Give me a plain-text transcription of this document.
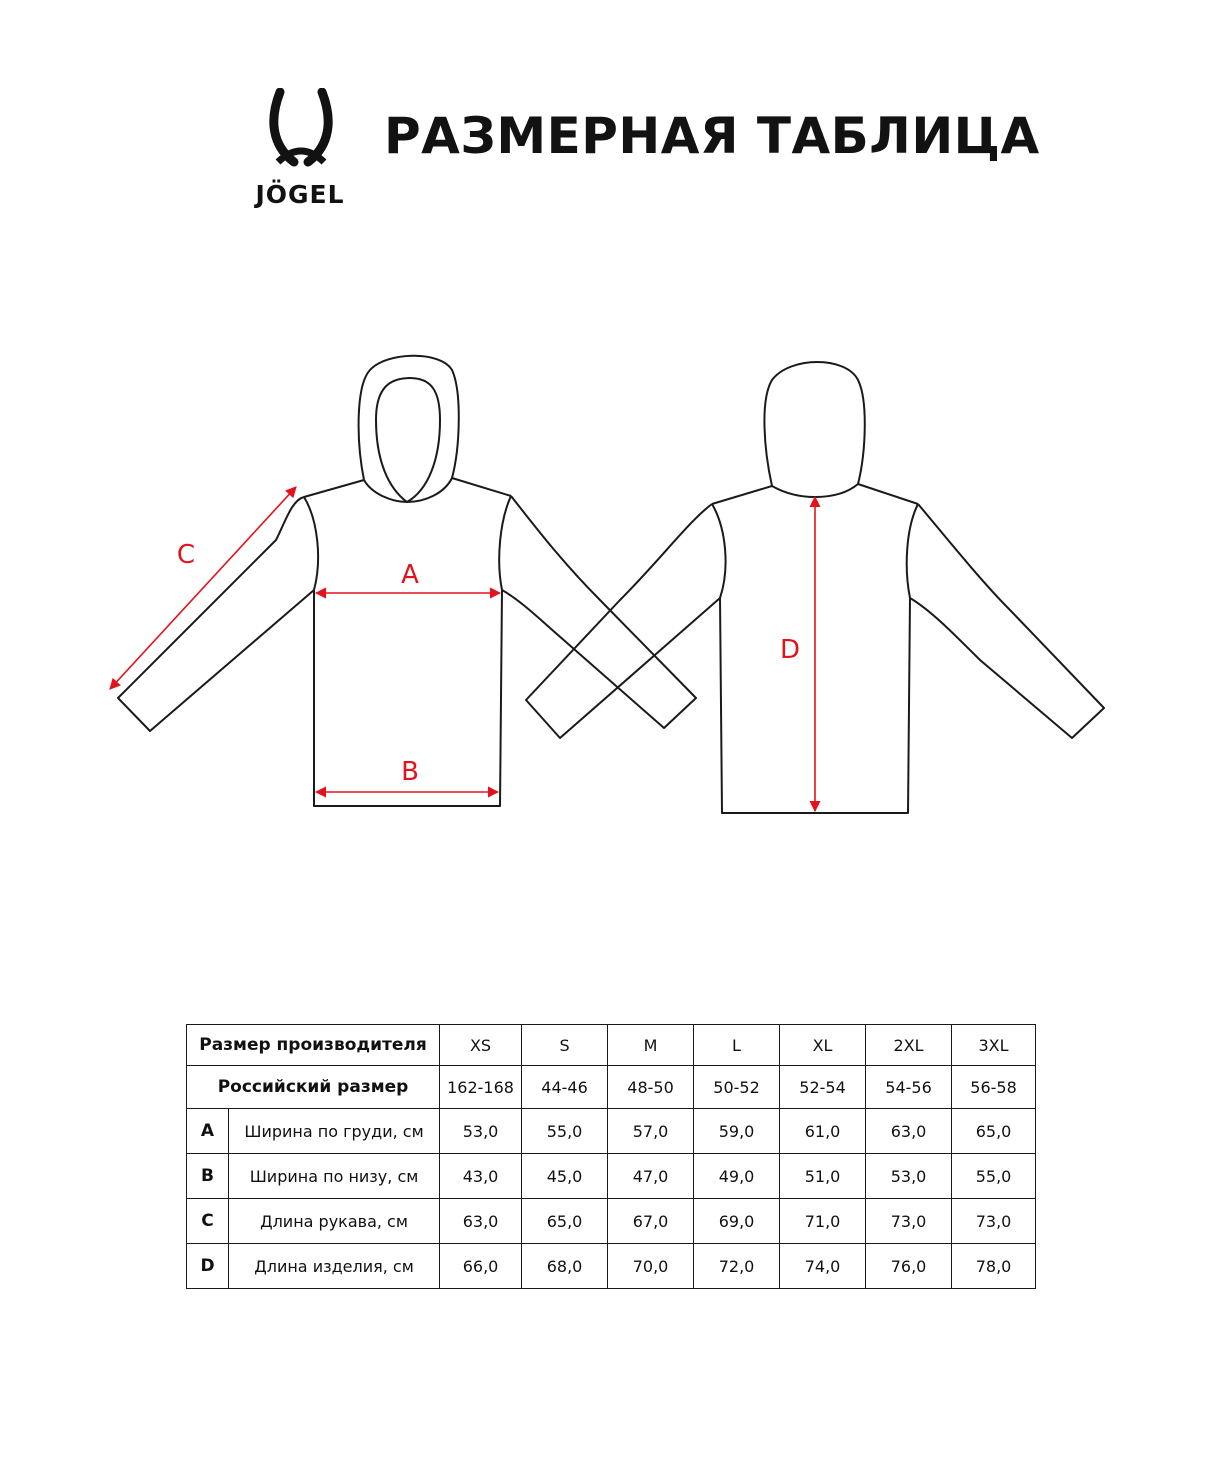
JÖGEL
РАЗМЕРНАЯ ТАБЛИЦА
A
B
C
D
Размер производителя		XS	S	M	L	XL	2XL	3XL
Российский размер		162-168	44-46	48-50	50-52	52-54	54-56	56-58
A	Ширина по груди, см	53,0	55,0	57,0	59,0	61,0	63,0	65,0
B	Ширина по низу, см	43,0	45,0	47,0	49,0	51,0	53,0	55,0
C	Длина рукава, см	63,0	65,0	67,0	69,0	71,0	73,0	73,0
D	Длина изделия, см	66,0	68,0	70,0	72,0	74,0	76,0	78,0
